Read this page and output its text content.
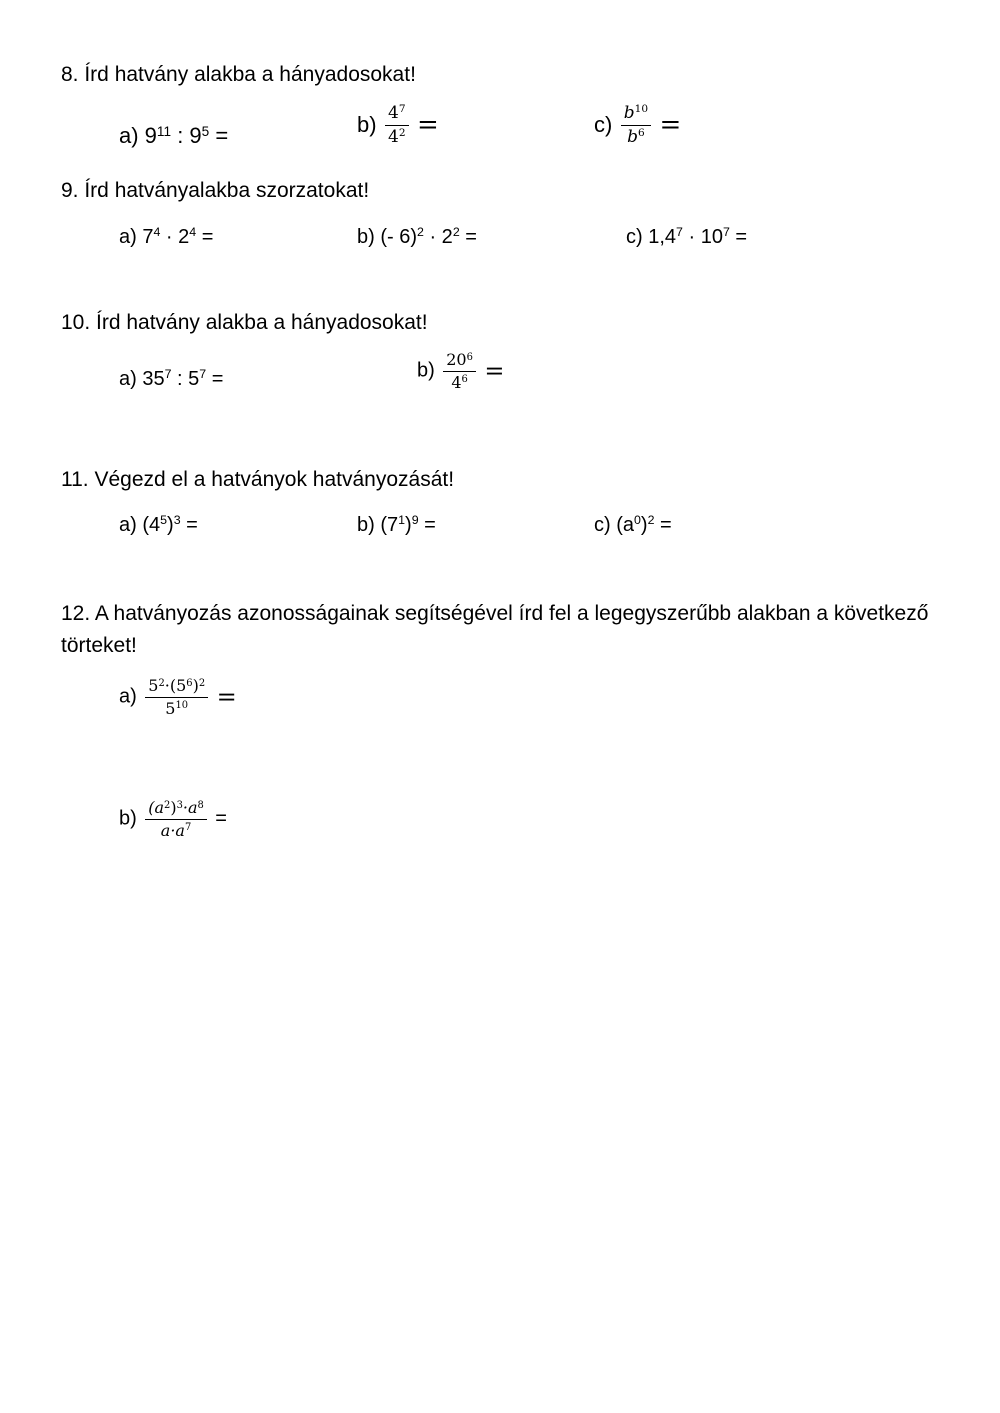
8. Írd hatvány alakba a hányadosokat!
a) $9^{11}$ : $9^5$ =	$b) \frac{4^7}{4^2}$ =	$c) \frac{b^{10}}{b^6}$ =
9. Írd hatványalakba szorzatokat!
a) $7^4 \cdot 2^4$ =	b) (- $6)^2 \cdot 2^2$ =	c) $1,4^7 \cdot 10^7$ =
10. Írd hatvány alakba a hányadosokat!
a) $35^7$ : $5^7$ =	$b) \frac{20^6}{4^6}$ =
11. Végezd el a hatványok hatványozását!
a) $(4^5)^3$ =	b) $(7^1)^9$ =	c) $(a^0)^2$ =
12. A hatványozás azonosságainak segítségével írd fel a legegyszerűbb alakban a következő
törteket!
$a) \frac{5^2\cdot(5^6)^2}{5^{10}}$ =
$b) \frac{(a^2)^3\cdot a^8}{a\cdot a^7}$ =
